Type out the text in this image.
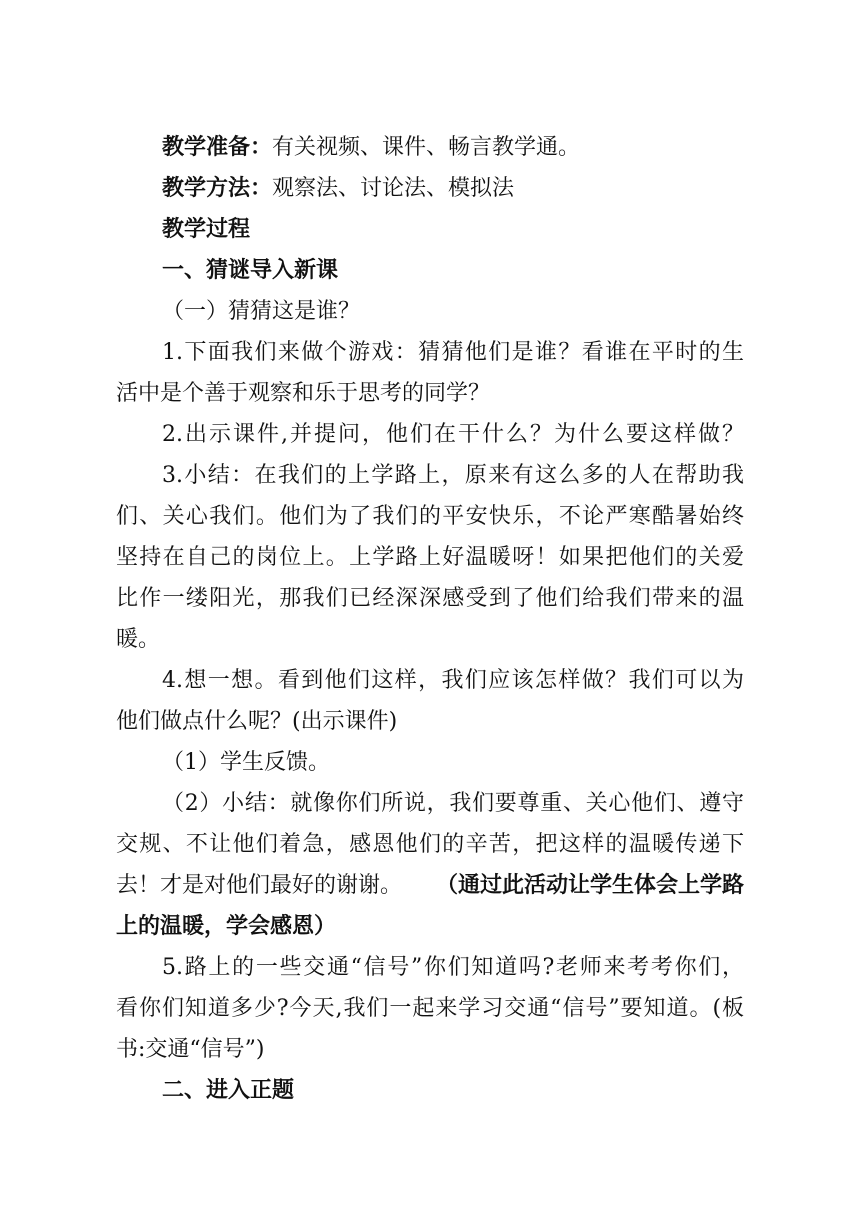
教学准备：有关视频、课件、畅言教学通。
教学方法：观察法、讨论法、模拟法
教学过程
一、猜谜导入新课
（一）猜猜这是谁？
1.下面我们来做个游戏：猜猜他们是谁？看谁在平时的生
活中是个善于观察和乐于思考的同学？
2.出示课件,并提问，他们在干什么？为什么要这样做？
3.小结：在我们的上学路上，原来有这么多的人在帮助我
们、关心我们。他们为了我们的平安快乐，不论严寒酷暑始终
坚持在自己的岗位上。上学路上好温暖呀！如果把他们的关爱
比作一缕阳光，那我们已经深深感受到了他们给我们带来的温
暖。
4.想一想。看到他们这样，我们应该怎样做？我们可以为
他们做点什么呢？(出示课件)
（1）学生反馈。
（2）小结：就像你们所说，我们要尊重、关心他们、遵守
交规、不让他们着急，感恩他们的辛苦，把这样的温暖传递下
去！才是对他们最好的谢谢。 （通过此活动让学生体会上学路
上的温暖，学会感恩）
5.路上的一些交通“信号”你们知道吗?老师来考考你们，
看你们知道多少?今天,我们一起来学习交通“信号”要知道。(板
书:交通“信号”)
二、进入正题
